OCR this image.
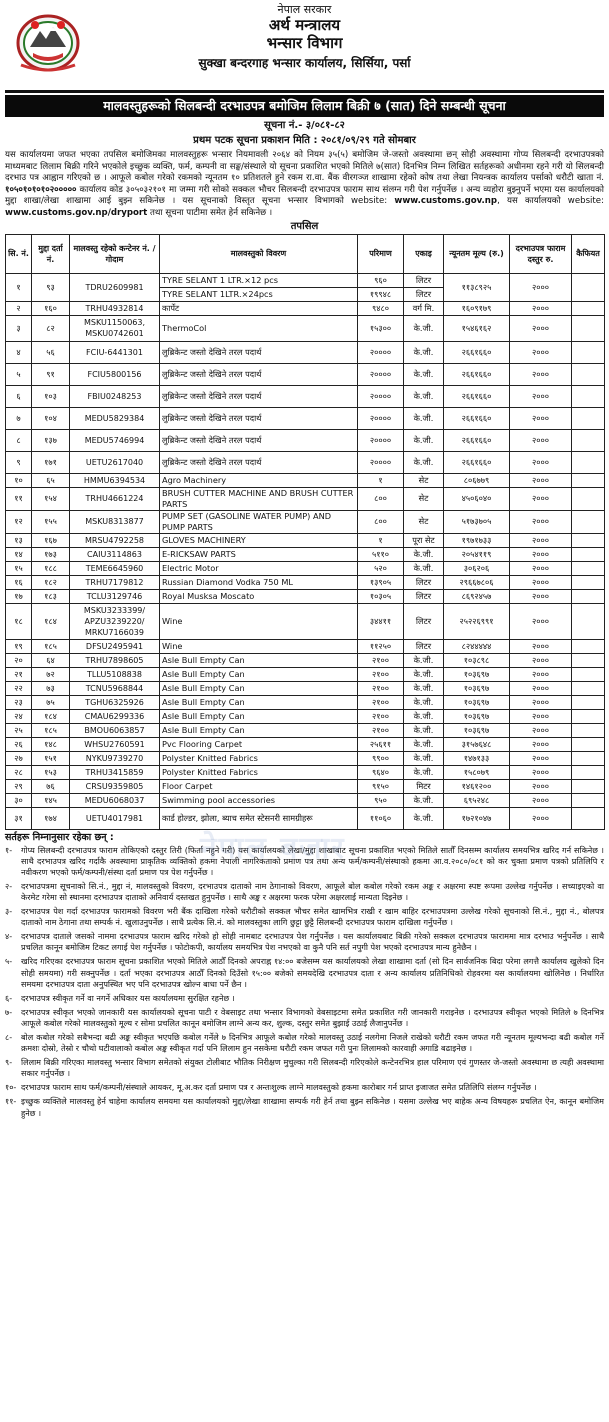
नेपाल सरकार
अर्थ मन्त्रालय
भन्सार विभाग
सुक्खा बन्दरगाह भन्सार कार्यालय, सिर्सिया, पर्सा
मालवस्तुहरूको सिलबन्दी दरभाउपत्र बमोजिम लिलाम बिक्री ७ (सात) दिने सम्बन्धी सूचना
सूचना नं.- ३/०८१-८२
प्रथम पटक सूचना प्रकाशन मिति : २०८१/०९/२९ गते सोमबार
यस कार्यालयमा जफत भएका तपसिल बमोजिमका मालवस्तुहरू भन्सार नियमावली २०६४ को नियम ३५(५) बमोजिम जे-जस्तो अवस्थामा छन् सोही अवस्थामा गोप्य सिलबन्दी दरभाउपत्रको माध्यमबाट लिलाम बिक्री गरिने भएकोले इच्छुक व्यक्ति, फर्म, कम्पनी वा सङ्घ/संस्थाले यो सूचना प्रकाशित भएको मितिले ७(सात) दिनभित्र निम्न लिखित सर्तहरूको अधीनमा रहने गरी यो सिलबन्दी दरभाउ पत्र आह्वान गरिएको छ । आफूले कबोल गरेको रकमको न्यूनतम १० प्रतिशतले हुने रकम रा.वा. बैंक वीरगञ्ज शाखामा रहेको कोष तथा लेखा नियन्त्रक कार्यालय पर्साको धरौटी खाता नं. १०५०१०१०१०२००००० कार्यालय कोड ३०५०३२१०१ मा जम्मा गरी सोको सक्कल भौचर सिलबन्दी दरभाउपत्र फाराम साथ संलग्न गरी पेश गर्नुपर्नेछ । अन्य व्यहोरा बुझ्नुपर्ने भएमा यस कार्यालयको मुद्दा शाखा/लेखा शाखामा आई बुझ्न सकिनेछ । यस सूचनाको विस्तृत सूचना भन्सार विभागको website: www.customs.gov.np, यस कार्यालयको website: www.customs.gov.np/dryport तथा सूचना पाटीमा समेत हेर्न सकिनेछ ।
तपसिल
सि. नं.	मुद्दा दर्ता नं.	मालवस्तु रहेको कन्टेनर नं. / गोदाम	मालवस्तुको विवरण	परिमाण	एकाइ	न्यूनतम मूल्य (रु.)	दरभाउपत्र फाराम दस्तुर रु.	कैफियत
१	९३	TDRU2609981	TYRE SELANT 1 LTR.×12 pcs	९६०	लिटर	११३८९२५	२०००	
			TYRE SELANT 1LTR.×24pcs	१९९४८	लिटर			
२	१६०	TRHU4932814	कार्पेट	९४८०	वर्ग मि.	१६०९१७९	२०००	
३	८२	MSKU1150063, MSKU0742601	ThermoCol	१५३००	के.जी.	१५४६१६२	२०००	
४	५६	FCIU-6441301	लुब्रिकेन्ट जस्तो देखिने तरल पदार्थ	२००००	के.जी.	२६६१६६०	२०००	
५	९१	FCIU5800156	लुब्रिकेन्ट जस्तो देखिने तरल पदार्थ	२००००	के.जी.	२६६१६६०	२०००	
६	१०३	FBIU0248253	लुब्रिकेन्ट जस्तो देखिने तरल पदार्थ	२००००	के.जी.	२६६१६६०	२०००	
७	१०४	MEDU5829384	लुब्रिकेन्ट जस्तो देखिने तरल पदार्थ	२००००	के.जी.	२६६१६६०	२०००	
८	१३७	MEDU5746994	लुब्रिकेन्ट जस्तो देखिने तरल पदार्थ	२००००	के.जी.	२६६१६६०	२०००	
९	१७१	UETU2617040	लुब्रिकेन्ट जस्तो देखिने तरल पदार्थ	२००००	के.जी.	२६६१६६०	२०००	
१०	६५	HMMU6394534	Agro Machinery	१	सेट	८०६७७९	२०००	
११	१५४	TRHU4661224	BRUSH CUTTER MACHINE AND BRUSH CUTTER PARTS	८००	सेट	४५०६०४०	२०००	
१२	१५५	MSKU8313877	PUMP SET (GASOLINE WATER PUMP) AND PUMP PARTS	८००	सेट	५१७३७०५	२०००	
१३	१६७	MRSU4792258	GLOVES MACHINERY	१	पूरा सेट	१९७१७३३	२०००	
१४	१७३	CAIU3114863	E-RICKSAW PARTS	५११०	के.जी.	२०५४११९	२०००	
१५	१८८	TEME6645960	Electric Motor	५२०	के.जी.	३०६२०६	२०००	
१६	१८२	TRHU7179812	Russian Diamond Vodka 750 ML	१३९०५	लिटर	२९६६७८०६	२०००	
१७	१८३	TCLU3129746	Royal Musksa Moscato	१०३०५	लिटर	८६९२४५७	२०००	
१८	१८४	MSKU3233399/ APZU3239220/ MRKU7166039	Wine	३४४११	लिटर	२५२२६९९१	२०००	
१९	१८५	DFSU2495941	Wine	११२५०	लिटर	८२४४४४४	२०००	
२०	६४	TRHU7898605	Asle Bull Empty Can	२१००	के.जी.	१०३८९८	२०००	
२१	७२	TLLU5108838	Asle Bull Empty Can	२१००	के.जी.	१०३६९७	२०००	
२२	७३	TCNU5968844	Asle Bull Empty Can	२१००	के.जी.	१०३६९७	२०००	
२३	७५	TGHU6325926	Asle Bull Empty Can	२१००	के.जी.	१०३६९७	२०००	
२४	१८४	CMAU6299336	Asle Bull Empty Can	२१००	के.जी.	१०३६९७	२०००	
२५	१८५	BMOU6063857	Asle Bull Empty Can	२१००	के.जी.	१०३६९७	२०००	
२६	१४८	WHSU2760591	Pvc Flooring Carpet	२५६११	के.जी.	३१५७६४८	२०००	
२७	१५१	NYKU9739270	Polyster Knitted Fabrics	९९००	के.जी.	१४७१३३	२०००	
२८	१५३	TRHU3415859	Polyster Knitted Fabrics	९६४०	के.जी.	१५८०७९	२०००	
२९	७६	CRSU9359805	Floor Carpet	९१५०	मिटर	१४६१२००	२०००	
३०	१४५	MEDU6068037	Swimming pool accessories	९५०	के.जी.	६९५२४८	२०००	
३१	१७४	UETU4017981	कार्ड होल्डर, झोला, ब्याच समेत स्टेसनरी सामग्रीहरू	११०६०	के.जी.	१७२१०४७	२०००	
सर्तहरू निम्नानुसार रहेका छन् :
१-	गोप्य सिलबन्दी दरभाउपत्र फाराम तोकिएको दस्तुर तिरी (फिर्ता नहुने गरी) यस कार्यालयको लेखा/मुद्दा शाखाबाट सूचना प्रकाशित भएको मितिले सातौँ दिनसम्म कार्यालय समयभित्र खरिद गर्न सकिनेछ । साथै दरभाउपत्र खरिद गर्दाकै अवस्थामा प्राकृतिक व्यक्तिको हकमा नेपाली नागरिकताको प्रमाण पत्र तथा अन्य फर्म/कम्पनी/संस्थाको हकमा आ.व.२०८०/०८१ को कर चुक्ता प्रमाण पत्रको प्रतिलिपि र नवीकरण भएको फर्म/कम्पनी/संस्था दर्ता प्रमाण पत्र पेश गर्नुपर्नेछ ।
२-	दरभाउपत्रमा सूचनाको सि.नं., मुद्दा नं, मालवस्तुको विवरण, दरभाउपत्र दाताको नाम ठेगानाको विवरण, आफूले बोल कबोल गरेको रकम अङ्क र अक्षरमा स्पष्ट रूपमा उल्लेख गर्नुपर्नेछ । सच्याइएको वा केरमेट गरेमा सो स्थानमा दरभाउपत्र दाताको अनिवार्य दस्तखत हुनुपर्नेछ । साथै अङ्क र अक्षरमा फरक परेमा अक्षरलाई मान्यता दिइनेछ ।
३-	दरभाउपत्र पेश गर्दा दरभाउपत्र फारामको विवरण भरी बैंक दाखिला गरेको धरौटीको सक्कल भौचर समेत खामभित्र राखी र खाम बाहिर दरभाउपत्रमा उल्लेख गरेको सूचनाको सि.नं., मुद्दा नं., बोलपत्र दाताको नाम ठेगाना तथा सम्पर्क नं. खुलाउनुपर्नेछ । साथै प्रत्येक सि.नं. को मालवस्तुका लागि छुट्टा छुट्टै सिलबन्दी दरभाउपत्र फाराम दाखिला गर्नुपर्नेछ ।
४-	दरभाउपत्र दाताले जसको नाममा दरभाउपत्र फाराम खरिद गरेको हो सोही नामबाट दरभाउपत्र पेश गर्नुपर्नेछ । यस कार्यालयबाट बिक्री गरेको सक्कल दरभाउपत्र फाराममा मात्र दरभाउ भर्नुपर्नेछ । साथै प्रचलित कानून बमोजिम टिकट लगाई पेश गर्नुपर्नेछ । फोटोकपी, कार्यालय समयभित्र पेश नभएको वा कुनै पनि सर्त नपुगी पेश भएको दरभाउपत्र मान्य हुनेछैन ।
५-	खरिद गरिएका दरभाउपत्र फाराम सूचना प्रकाशित भएको मितिले आठौँ दिनको अपराह्न १४:०० बजेसम्म यस कार्यालयको लेखा शाखामा दर्ता (सो दिन सार्वजनिक बिदा परेमा लगत्तै कार्यालय खुलेको दिन सोही समयमा) गरी सक्नुपर्नेछ । दर्ता भएका दरभाउपत्र आठौँ दिनको दिउँसो १५:०० बजेको समयदेखि दरभाउपत्र दाता र अन्य कार्यालय प्रतिनिधिको रोहवरमा यस कार्यालयमा खोलिनेछ । निर्धारित समयमा दरभाउपत्र दाता अनुपस्थित भए पनि दरभाउपत्र खोल्न बाधा पर्ने छैन ।
६-	दरभाउपत्र स्वीकृत गर्ने वा नगर्ने अधिकार यस कार्यालयमा सुरक्षित रहनेछ ।
७-	दरभाउपत्र स्वीकृत भएको जानकारी यस कार्यालयको सूचना पाटी र वेबसाइट तथा भन्सार विभागको वेबसाइटमा समेत प्रकाशित गरी जानकारी गराइनेछ । दरभाउपत्र स्वीकृत भएको मितिले ७ दिनभित्र आफूले कबोल गरेको मालवस्तुको मूल्य र सोमा प्रचलित कानून बमोजिम लाग्ने अन्य कर, शुल्क, दस्तुर समेत बुझाई उठाई लैजानुपर्नेछ ।
८-	बोल कबोल गरेको सबैभन्दा बढी अङ्क स्वीकृत भएपछि कबोल गर्नेले ७ दिनभित्र आफूले कबोल गरेको मालवस्तु उठाई नलगेमा निजले राखेको धरौटी रकम जफत गरी न्यूनतम मूल्यभन्दा बढी कबोल गर्ने क्रमशः दोस्रो, तेस्रो र चौथो घटीवालाको कबोल अङ्क स्वीकृत गर्दा पनि लिलाम हुन नसकेमा धरौटी रकम जफत गरी पुनः लिलामको कारवाही अगाडि बढाइनेछ ।
९-	लिलाम बिक्री गरिएका मालवस्तु भन्सार विभाग समेतको संयुक्त टोलीबाट भौतिक निरीक्षण मुचुल्का गरी सिलबन्दी गरिएकोले कन्टेनरभित्र हाल परिमाण एवं गुणस्तर जे-जस्तो अवस्थामा छ त्यही अवस्थामा सकार गर्नुपर्नेछ ।
१०- दरभाउपत्र फाराम साथ फर्म/कम्पनी/संस्थाले आयकर, मू.अ.कर दर्ता प्रमाण पत्र र अन्तःशुल्क लाग्ने मालवस्तुको हकमा कारोबार गर्न प्राप्त इजाजत समेत प्रतिलिपि संलग्न गर्नुपर्नेछ ।
११- इच्छुक व्यक्तिले मालवस्तु हेर्न चाहेमा कार्यालय समयमा यस कार्यालयको मुद्दा/लेखा शाखामा सम्पर्क गरी हेर्न तथा बुझ्न सकिनेछ । यसमा उल्लेख भए बाहेक अन्य विषयहरू प्रचलित ऐन, कानून बमोजिम हुनेछ ।
नेपाल बजार
